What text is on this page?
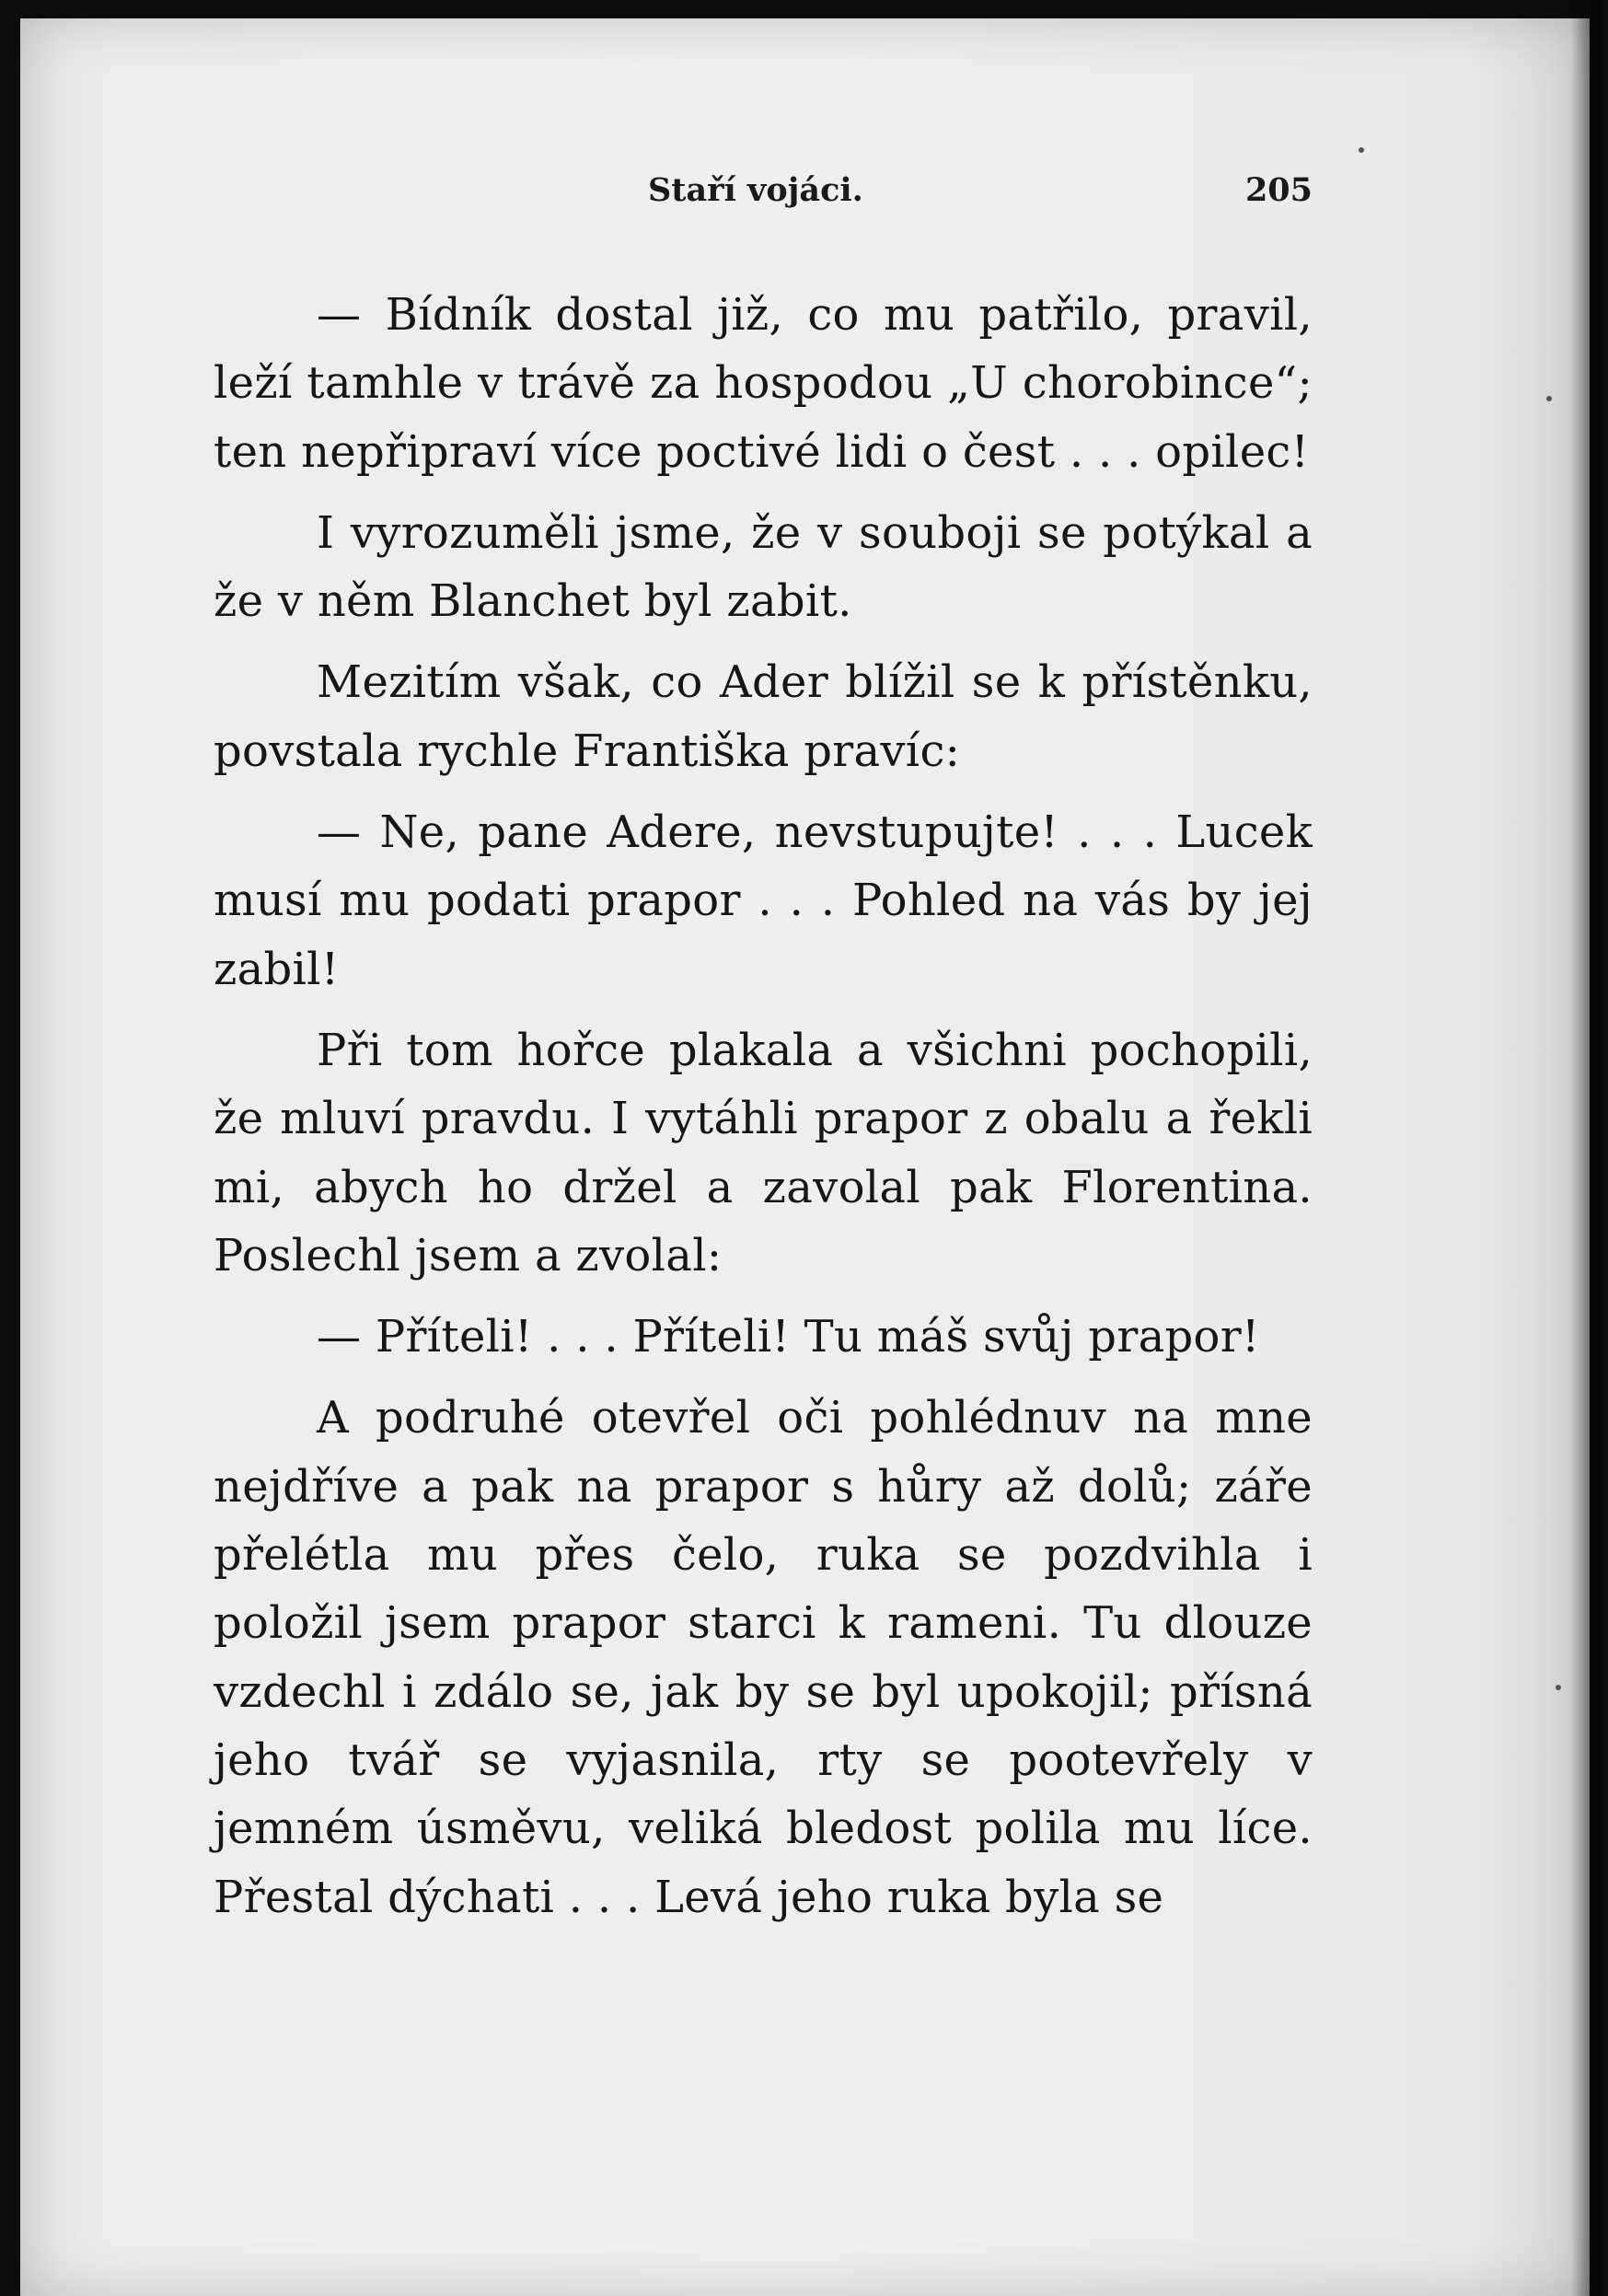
Staří vojáci.	205

— Bídník dostal již, co mu patřilo, pravil, leží tamhle v trávě za hospodou „U chorobince“; ten nepřipraví více poctivé lidi o čest . . . opilec!

I vyrozuměli jsme, že v souboji se potýkal a že v něm Blanchet byl zabit.

Mezitím však, co Ader blížil se k přístěnku, povstala rychle Františka pravíc:

— Ne, pane Adere, nevstupujte! . . . Lucek musí mu podati prapor . . . Pohled na vás by jej zabil!

Při tom hořce plakala a všichni pochopili, že mluví pravdu. I vytáhli prapor z obalu a řekli mi, abych ho držel a zavolal pak Florentina. Poslechl jsem a zvolal:

— Příteli! . . . Příteli! Tu máš svůj prapor!

A podruhé otevřel oči pohlédnuv na mne nejdříve a pak na prapor s hůry až dolů; záře přelétla mu přes čelo, ruka se pozdvihla i položil jsem prapor starci k rameni. Tu dlouze vzdechl i zdálo se, jak by se byl upokojil; přísná jeho tvář se vyjasnila, rty se pootevřely v jemném úsměvu, veliká bledost polila mu líce. Přestal dýchati . . . Levá jeho ruka byla se
